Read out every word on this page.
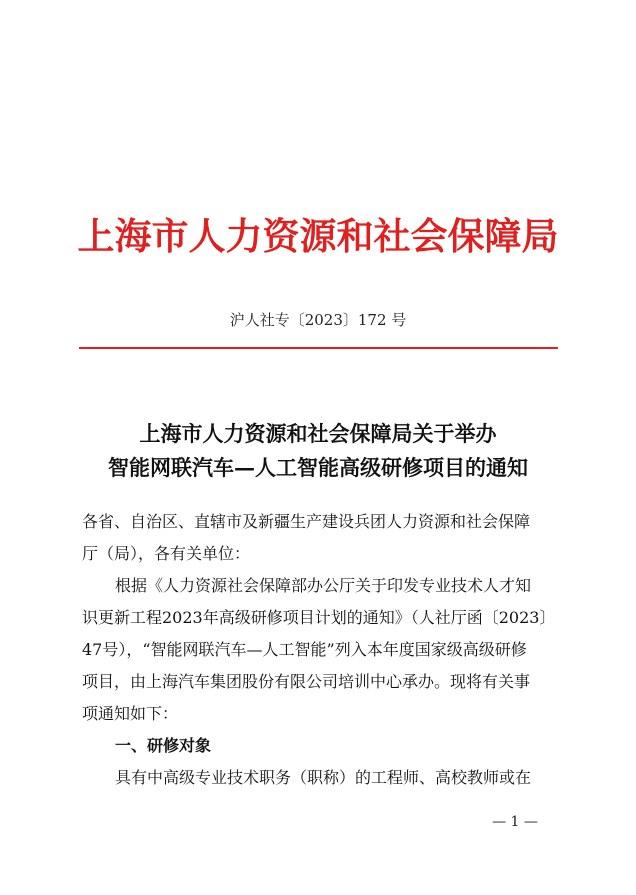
上海市人力资源和社会保障局
沪人社专〔2023〕172 号
上海市人力资源和社会保障局关于举办
智能网联汽车—人工智能高级研修项目的通知
各省、自治区、直辖市及新疆生产建设兵团人力资源和社会保障
厅（局），各有关单位：
根据《人力资源社会保障部办公厅关于印发专业技术人才知
识更新工程2023年高级研修项目计划的通知》（人社厅函〔2023〕
47号），“智能网联汽车—人工智能”列入本年度国家级高级研修
项目，由上海汽车集团股份有限公司培训中心承办。现将有关事
项通知如下：
一、研修对象
具有中高级专业技术职务（职称）的工程师、高校教师或在
— 1 —
